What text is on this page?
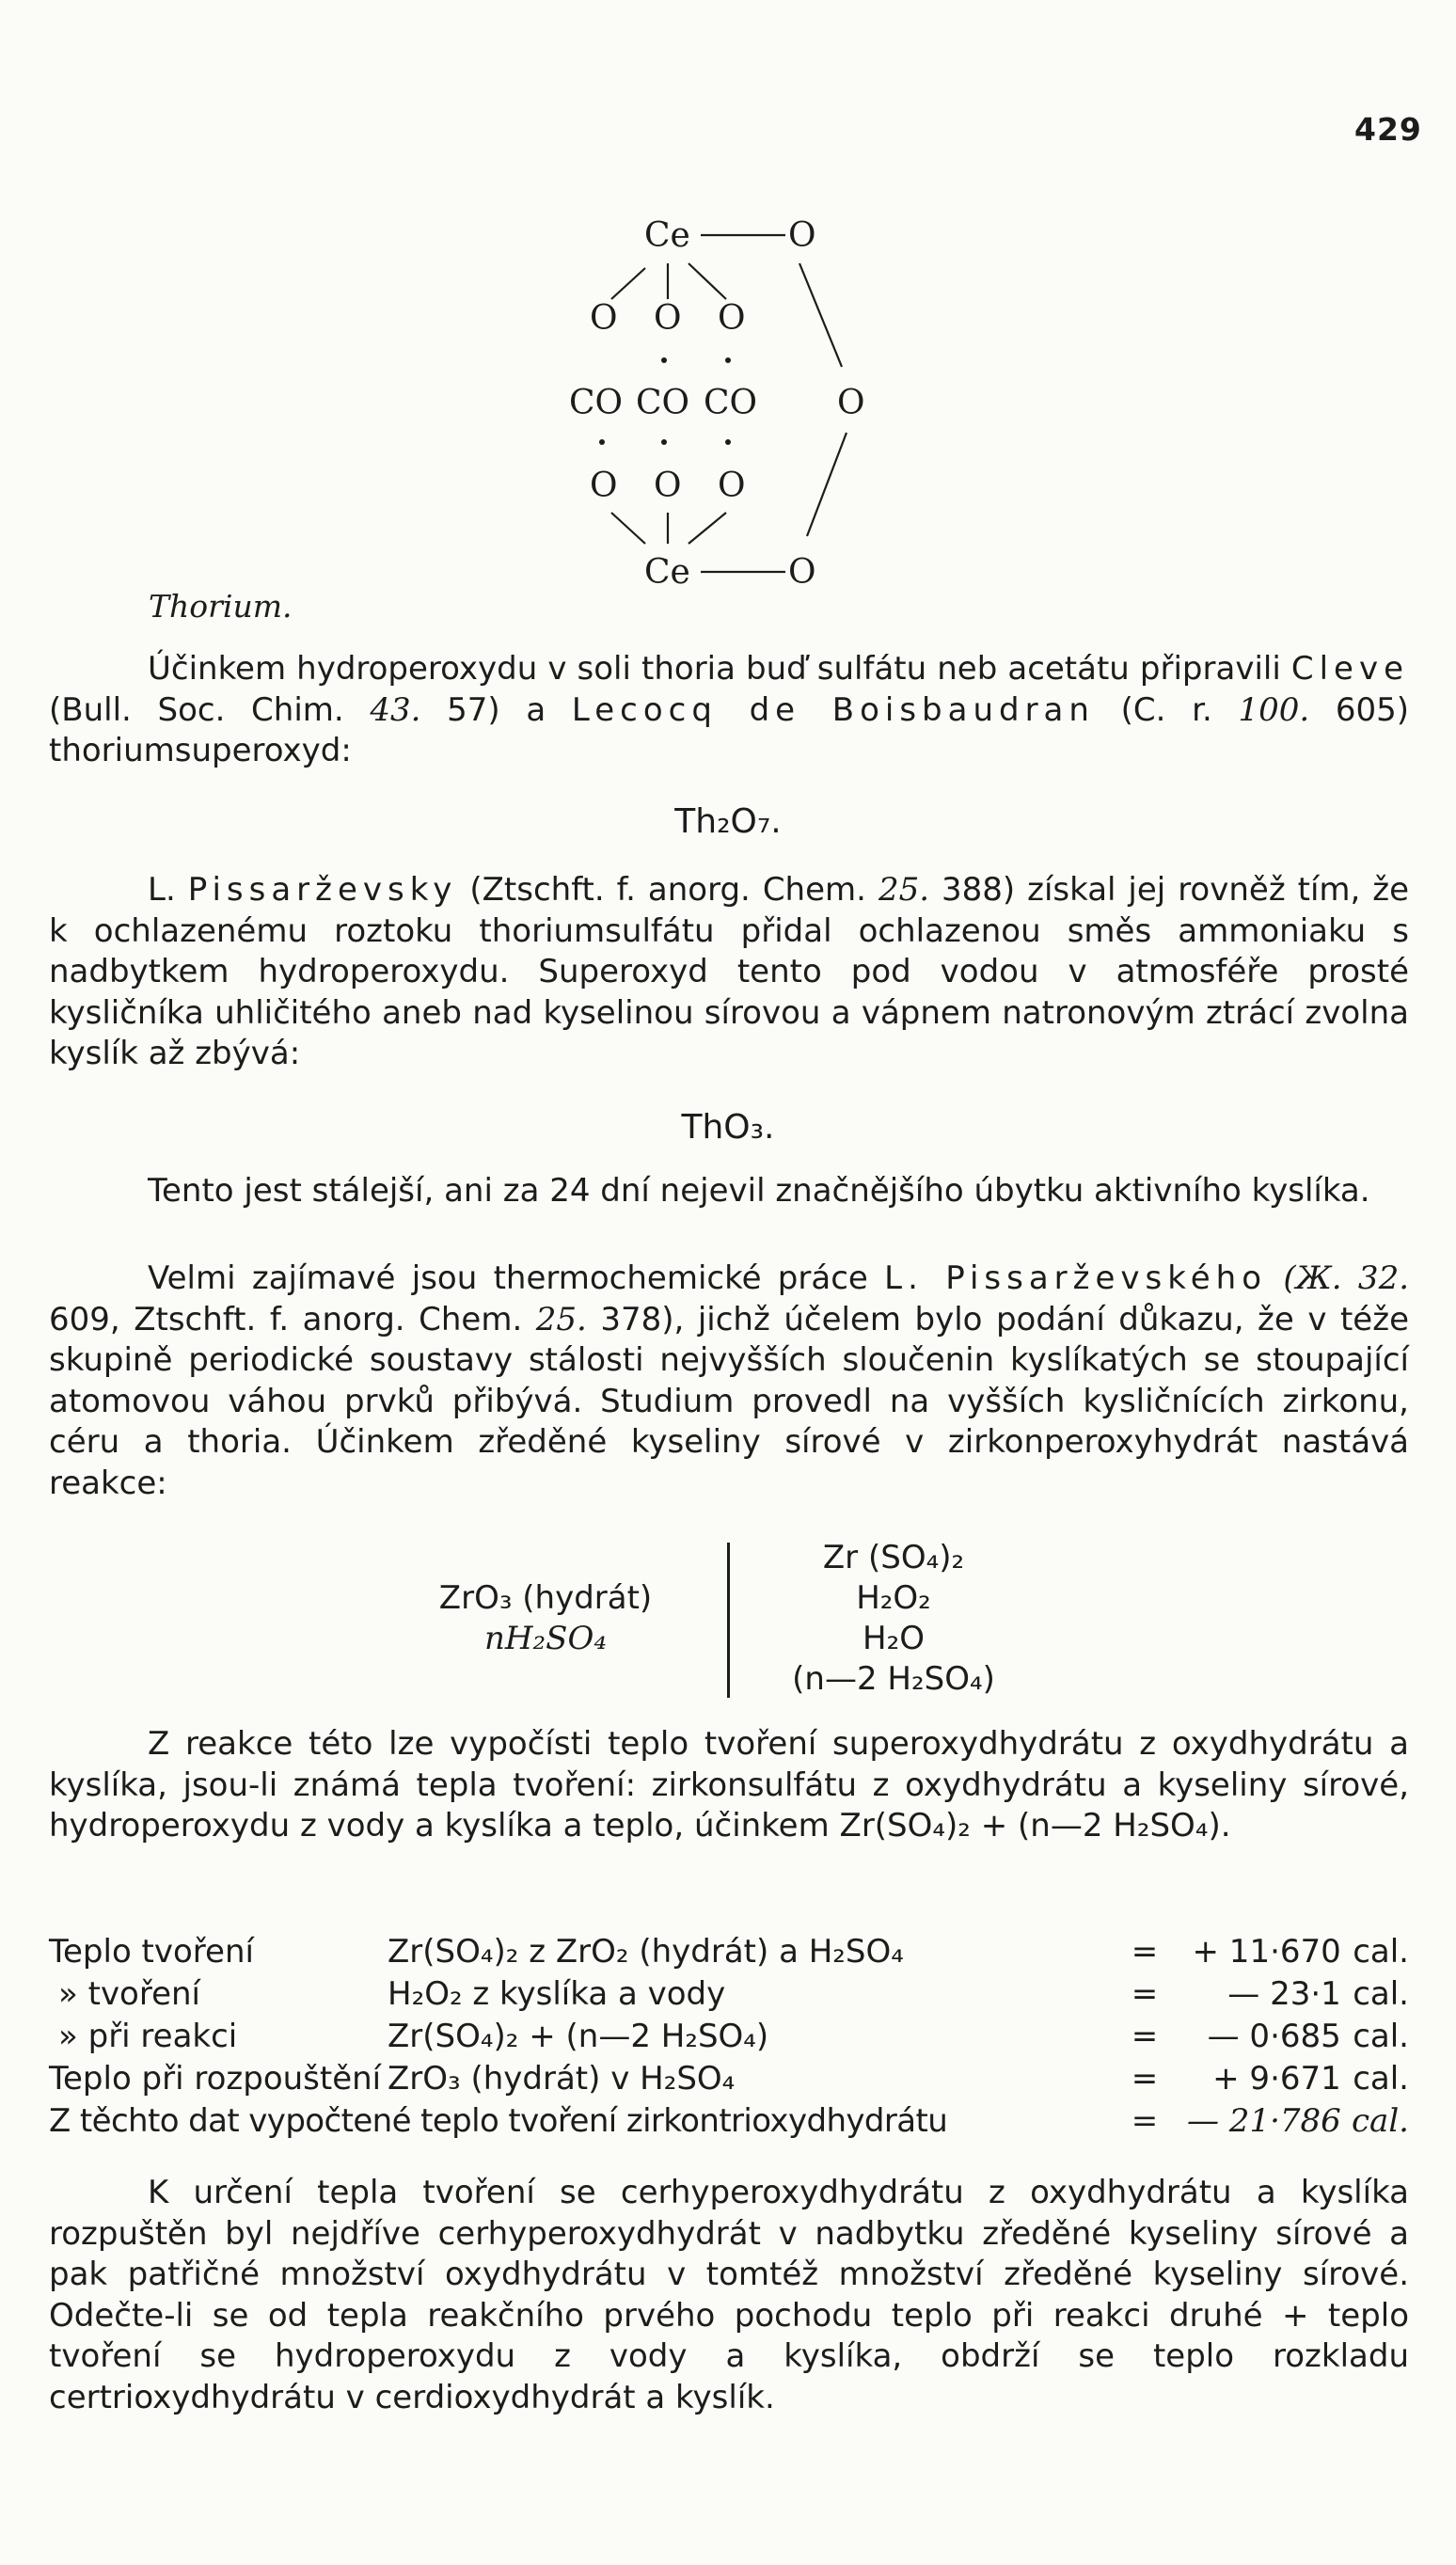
429
Ce	O
O
O O O
CO CO CO
O O O
Ce	O
Thorium.

Účinkem hydroperoxydu v soli thoria buď sulfátu neb acetátu připravili Cleve (Bull. Soc. Chim. 43. 57) a Lecocq de Boisbaudran (C. r. 100. 605) thoriumsuperoxyd:

Th₂O₇.

L. Pissarževsky (Ztschft. f. anorg. Chem. 25. 388) získal jej rovněž tím, že k ochlazenému roztoku thoriumsulfátu přidal ochlazenou směs ammoniaku s nadbytkem hydroperoxydu. Superoxyd tento pod vodou v atmosféře prosté kysličníka uhličitého aneb nad kyselinou sírovou a vápnem natronovým ztrácí zvolna kyslík až zbývá:

ThO₃.

Tento jest stálejší, ani za 24 dní nejevil značnějšího úbytku aktivního kyslíka.

Velmi zajímavé jsou thermochemické práce L. Pissarževského (Ж. 32. 609, Ztschft. f. anorg. Chem. 25. 378), jichž účelem bylo podání důkazu, že v téže skupině periodické soustavy stálosti nejvyšších sloučenin kyslíkatých se stoupající atomovou váhou prvků přibývá. Studium provedl na vyšších kysličnících zirkonu, céru a thoria. Účinkem zředěné kyseliny sírové v zirkonperoxyhydrát nastává reakce:

ZrO₃ (hydrát)
nH₂SO₄
Zr (SO₄)₂
H₂O₂
H₂O
(n—2 H₂SO₄)

Z reakce této lze vypočísti teplo tvoření superoxydhydrátu z oxydhydrátu a kyslíka, jsou-li známá tepla tvoření: zirkonsulfátu z oxydhydrátu a kyseliny sírové, hydroperoxydu z vody a kyslíka a teplo, účinkem Zr(SO₄)₂ + (n—2 H₂SO₄).

Teplo tvoření	Zr(SO₄)₂ z ZrO₂ (hydrát) a H₂SO₄	=	+ 11·670	cal.
» tvoření	H₂O₂ z kyslíka a vody	=	— 23·1	cal.
» při reakci	Zr(SO₄)₂ + (n—2 H₂SO₄)	=	— 0·685	cal.
Teplo při rozpouštění	ZrO₃ (hydrát) v H₂SO₄	=	+ 9·671	cal.
Z těchto dat vypočtené teplo tvoření zirkontrioxydhydrátu		=	— 21·786	cal.

K určení tepla tvoření se cerhyperoxydhydrátu z oxydhydrátu a kyslíka rozpuštěn byl nejdříve cerhyperoxydhydrát v nadbytku zředěné kyseliny sírové a pak patřičné množství oxydhydrátu v tomtéž množství zředěné kyseliny sírové. Odečte-li se od tepla reakčního prvého pochodu teplo při reakci druhé + teplo tvoření se hydroperoxydu z vody a kyslíka, obdrží se teplo rozkladu certrioxydhydrátu v cerdioxydhydrát a kyslík.
